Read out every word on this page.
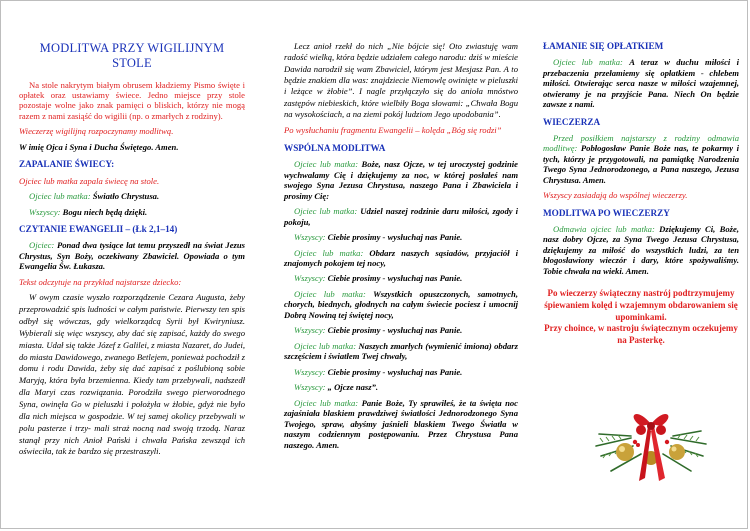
MODLITWA PRZY WIGILIJNYM STOLE

Na stole nakrytym białym obrusem kładziemy Pismo święte i opłatek oraz ustawiamy świece. Jedno miejsce przy stole pozostaje wolne jako znak pamięci o bliskich, którzy nie mogą razem z nami zasiąść do wigilii (np. o zmarłych z rodziny).

Wieczerzę wigilijną rozpoczynamy modlitwą.

W imię Ojca i Syna i Ducha Świętego. Amen.

ZAPALANIE ŚWIECY:

Ojciec lub matka zapala świecę na stole.

Ojciec lub matka: Światło Chrystusa.

Wszyscy: Bogu niech będą dzięki.

CZYTANIE EWANGELII – (Łk 2,1–14)

Ojciec: Ponad dwa tysiące lat temu przyszedł na świat Jezus Chrystus, Syn Boży, oczekiwany Zbawiciel. Opowiada o tym Ewangelia Św. Łukasza.

Tekst odczytuje na przykład najstarsze dziecko:

W owym czasie wyszło rozporządzenie Cezara Augusta, żeby przeprowadzić spis ludności w całym państwie. Pierwszy ten spis odbył się wówczas, gdy wielkorządcą Syrii był Kwiryniusz. Wybierali się więc wszyscy, aby dać się zapisać, każdy do swego miasta. Udał się także Józef z Galilei, z miasta Nazaret, do Judei, do miasta Dawidowego, zwanego Betlejem, ponieważ pochodził z domu i rodu Dawida, żeby się dać zapisać z poślubioną sobie Maryją, która była brzemienna. Kiedy tam przebywali, nadszedł dla Maryi czas rozwiązania. Porodziła swego pierworodnego Syna, owinęła Go w pieluszki i położyła w żłobie, gdyż nie było dla nich miejsca w gospodzie. W tej samej okolicy przebywali w polu pasterze i trzy- mali straż nocną nad swoją trzodą. Naraz stanął przy nich Anioł Pański i chwała Pańska zewsząd ich oświeciła, tak że bardzo się przestraszyli.

Lecz anioł rzekł do nich „Nie bójcie się! Oto zwiastuję wam radość wielką, która będzie udziałem całego narodu: dziś w mieście Dawida narodził się wam Zbawiciel, którym jest Mesjasz Pan. A to będzie znakiem dla was: znajdziecie Niemowlę owinięte w pieluszki i leżące w żłobie”. I nagle przyłączyło się do anioła mnóstwo zastępów niebieskich, które wielbiły Boga słowami: „Chwała Bogu na wysokościach, a na ziemi pokój ludziom Jego upodobania”.

Po wysłuchaniu fragmentu Ewangelii – kolęda „Bóg się rodzi”

WSPÓLNA MODLITWA

Ojciec lub matka: Boże, nasz Ojcze, w tej uroczystej godzinie wychwalamy Cię i dziękujemy za noc, w której posłałeś nam swojego Syna Jezusa Chrystusa, naszego Pana i Zbawiciela i prosimy Cię:

Ojciec lub matka: Udziel naszej rodzinie daru miłości, zgody i pokoju,

Wszyscy: Ciebie prosimy - wysłuchaj nas Panie.

Ojciec lub matka: Obdarz naszych sąsiadów, przyjaciół i znajomych pokojem tej nocy,

Wszyscy: Ciebie prosimy - wysłuchaj nas Panie.

Ojciec lub matka: Wszystkich opuszczonych, samotnych, chorych, biednych, głodnych na całym świecie pociesz i umocnij Dobrą Nowiną tej świętej nocy,

Wszyscy: Ciebie prosimy - wysłuchaj nas Panie.

Ojciec lub matka: Naszych zmarłych (wymienić imiona) obdarz szczęściem i światłem Twej chwały,

Wszyscy: Ciebie prosimy - wysłuchaj nas Panie.

Wszyscy: „ Ojcze nasz”.

Ojciec lub matka: Panie Boże, Ty sprawiłeś, że ta święta noc zajaśniała blaskiem prawdziwej światłości Jednorodzonego Syna Twojego, spraw, abyśmy jaśnieli blaskiem Twego Światła w naszym codziennym postępowaniu. Przez Chrystusa Pana naszego. Amen.

ŁAMANIE SIĘ OPŁATKIEM

Ojciec lub matka: A teraz w duchu miłości i przebaczenia przełamiemy się opłatkiem - chlebem miłości. Otwierając serca nasze w miłości wzajemnej, otwieramy je na przyjście Pana. Niech On będzie zawsze z nami.

WIECZERZA

Przed posiłkiem najstarszy z rodziny odmawia modlitwę: Pobłogosław Panie Boże nas, te pokarmy i tych, którzy je przygotowali, na pamiątkę Narodzenia Twego Syna Jednorodzonego, a Pana naszego, Jezusa Chrystusa. Amen.

Wszyscy zasiadają do wspólnej wieczerzy.

MODLITWA PO WIECZERZY

Odmawia ojciec lub matka: Dziękujemy Ci, Boże, nasz dobry Ojcze, za Syna Twego Jezusa Chrystusa, dziękujemy za miłość do wszystkich ludzi, za ten błogosławiony wieczór i dary, które spożywaliśmy. Tobie chwała na wieki. Amen.

Po wieczerzy świąteczny nastrój podtrzymujemy śpiewaniem kolęd i wzajemnym obdarowaniem się upominkami.
Przy choince, w nastroju świątecznym oczekujemy na Pasterkę.
